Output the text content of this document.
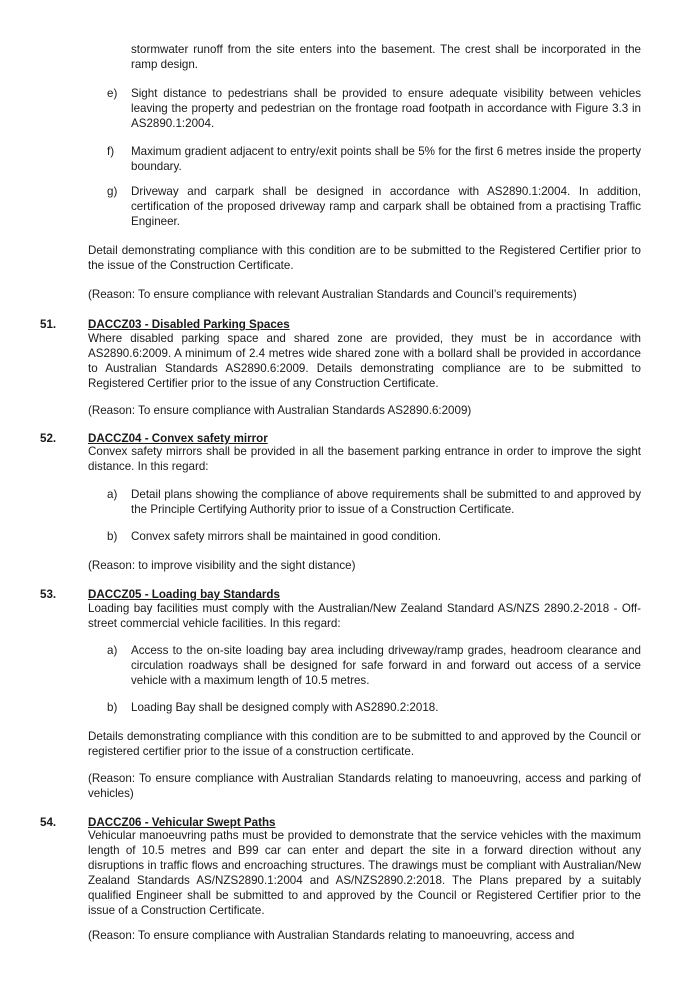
stormwater runoff from the site enters into the basement. The crest shall be incorporated in the ramp design.

e)	Sight distance to pedestrians shall be provided to ensure adequate visibility between vehicles leaving the property and pedestrian on the frontage road footpath in accordance with Figure 3.3 in AS2890.1:2004.
f)	Maximum gradient adjacent to entry/exit points shall be 5% for the first 6 metres inside the property boundary.
g)	Driveway and carpark shall be designed in accordance with AS2890.1:2004. In addition, certification of the proposed driveway ramp and carpark shall be obtained from a practising Traffic Engineer.

Detail demonstrating compliance with this condition are to be submitted to the Registered Certifier prior to the issue of the Construction Certificate.

(Reason: To ensure compliance with relevant Australian Standards and Council’s requirements)

51.	DACCZ03 - Disabled Parking Spaces

Where disabled parking space and shared zone are provided, they must be in accordance with AS2890.6:2009. A minimum of 2.4 metres wide shared zone with a bollard shall be provided in accordance to Australian Standards AS2890.6:2009. Details demonstrating compliance are to be submitted to Registered Certifier prior to the issue of any Construction Certificate.

(Reason: To ensure compliance with Australian Standards AS2890.6:2009)

52.	DACCZ04 - Convex safety mirror

Convex safety mirrors shall be provided in all the basement parking entrance in order to improve the sight distance. In this regard:

a)	Detail plans showing the compliance of above requirements shall be submitted to and approved by the Principle Certifying Authority prior to issue of a Construction Certificate.
b)	Convex safety mirrors shall be maintained in good condition.

(Reason: to improve visibility and the sight distance)

53.	DACCZ05 - Loading bay Standards

Loading bay facilities must comply with the Australian/New Zealand Standard AS/NZS 2890.2-2018 - Off-street commercial vehicle facilities. In this regard:

a)	Access to the on-site loading bay area including driveway/ramp grades, headroom clearance and circulation roadways shall be designed for safe forward in and forward out access of a service vehicle with a maximum length of 10.5 metres.
b)	Loading Bay shall be designed comply with AS2890.2:2018.

Details demonstrating compliance with this condition are to be submitted to and approved by the Council or registered certifier prior to the issue of a construction certificate.

(Reason: To ensure compliance with Australian Standards relating to manoeuvring, access and parking of vehicles)

54.	DACCZ06 - Vehicular Swept Paths

Vehicular manoeuvring paths must be provided to demonstrate that the service vehicles with the maximum length of 10.5 metres and B99 car can enter and depart the site in a forward direction without any disruptions in traffic flows and encroaching structures. The drawings must be compliant with Australian/New Zealand Standards AS/NZS2890.1:2004 and AS/NZS2890.2:2018. The Plans prepared by a suitably qualified Engineer shall be submitted to and approved by the Council or Registered Certifier prior to the issue of a Construction Certificate.

(Reason: To ensure compliance with Australian Standards relating to manoeuvring, access and
